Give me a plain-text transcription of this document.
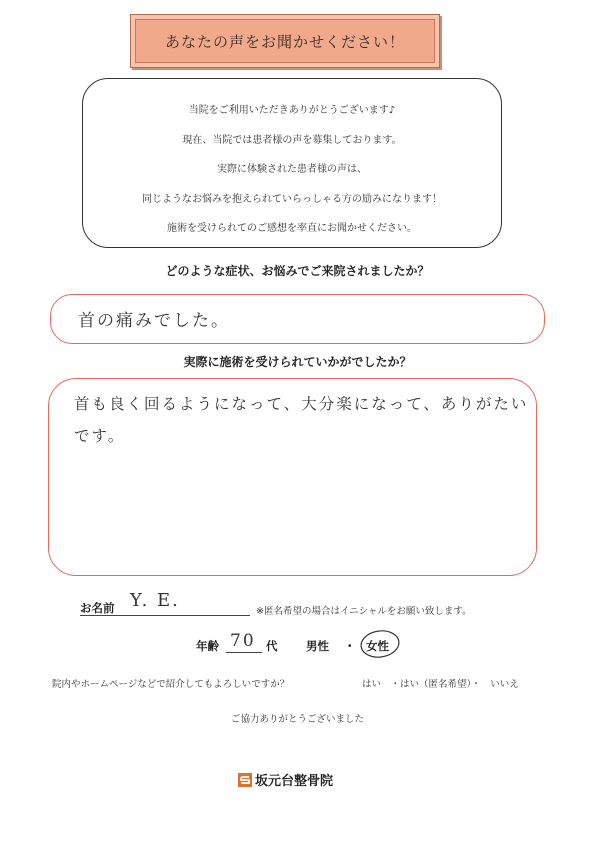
あなたの声をお聞かせください！
当院をご利用いただきありがとうございます♪
現在、当院では患者様の声を募集しております。
実際に体験された患者様の声は、
同じようなお悩みを抱えられていらっしゃる方の励みになります！
施術を受けられてのご感想を率直にお聞かせください。
どのような症状、お悩みでご来院されましたか？
首の痛みでした。
実際に施術を受けられていかがでしたか？
首も良く回るようになって、大分楽になって、ありがたい
です。
お名前 Y. E.
※匿名希望の場合はイニシャルをお願い致します。
年齢 70 代 男性 ・ 女性
院内やホームページなどで紹介してもよろしいですか？	はい　・はい（匿名希望）・　いいえ
ご協力ありがとうございました
坂元台整骨院
